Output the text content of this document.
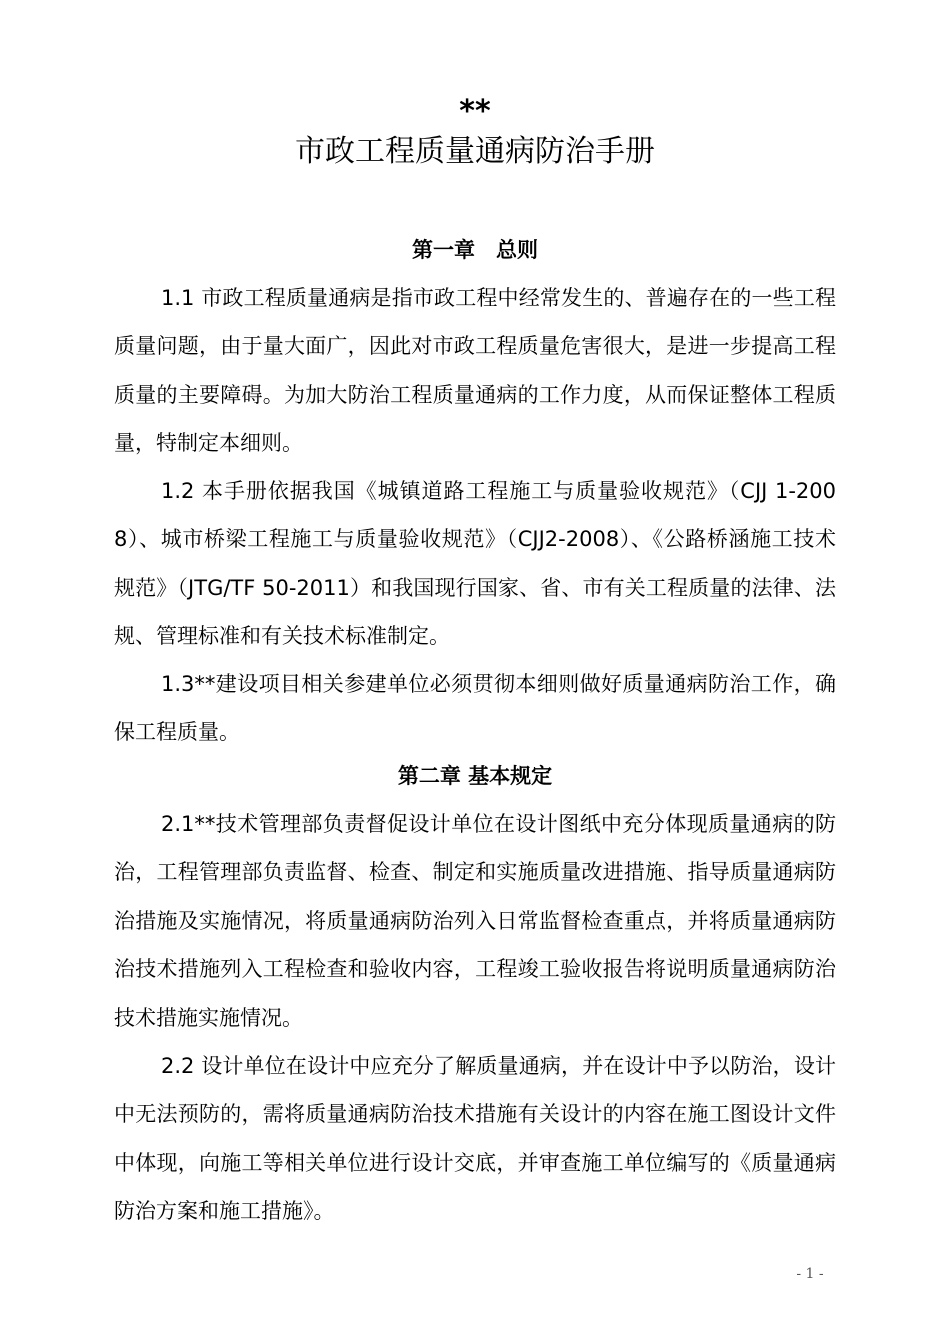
**
市政工程质量通病防治手册
第一章　总则
1.1 市政工程质量通病是指市政工程中经常发生的、普遍存在的一些工程质量问题，由于量大面广，因此对市政工程质量危害很大，是进一步提高工程质量的主要障碍。为加大防治工程质量通病的工作力度，从而保证整体工程质量，特制定本细则。
1.2 本手册依据我国《城镇道路工程施工与质量验收规范》（CJJ 1-2008）、城市桥梁工程施工与质量验收规范》（CJJ2-2008）、《公路桥涵施工技术规范》（JTG/TF 50-2011）和我国现行国家、省、市有关工程质量的法律、法规、管理标准和有关技术标准制定。
1.3**建设项目相关参建单位必须贯彻本细则做好质量通病防治工作，确保工程质量。
第二章 基本规定
2.1**技术管理部负责督促设计单位在设计图纸中充分体现质量通病的防治，工程管理部负责监督、检查、制定和实施质量改进措施、指导质量通病防治措施及实施情况，将质量通病防治列入日常监督检查重点，并将质量通病防治技术措施列入工程检查和验收内容，工程竣工验收报告将说明质量通病防治技术措施实施情况。
2.2 设计单位在设计中应充分了解质量通病，并在设计中予以防治，设计中无法预防的，需将质量通病防治技术措施有关设计的内容在施工图设计文件中体现，向施工等相关单位进行设计交底，并审查施工单位编写的《质量通病防治方案和施工措施》。
- 1 -
